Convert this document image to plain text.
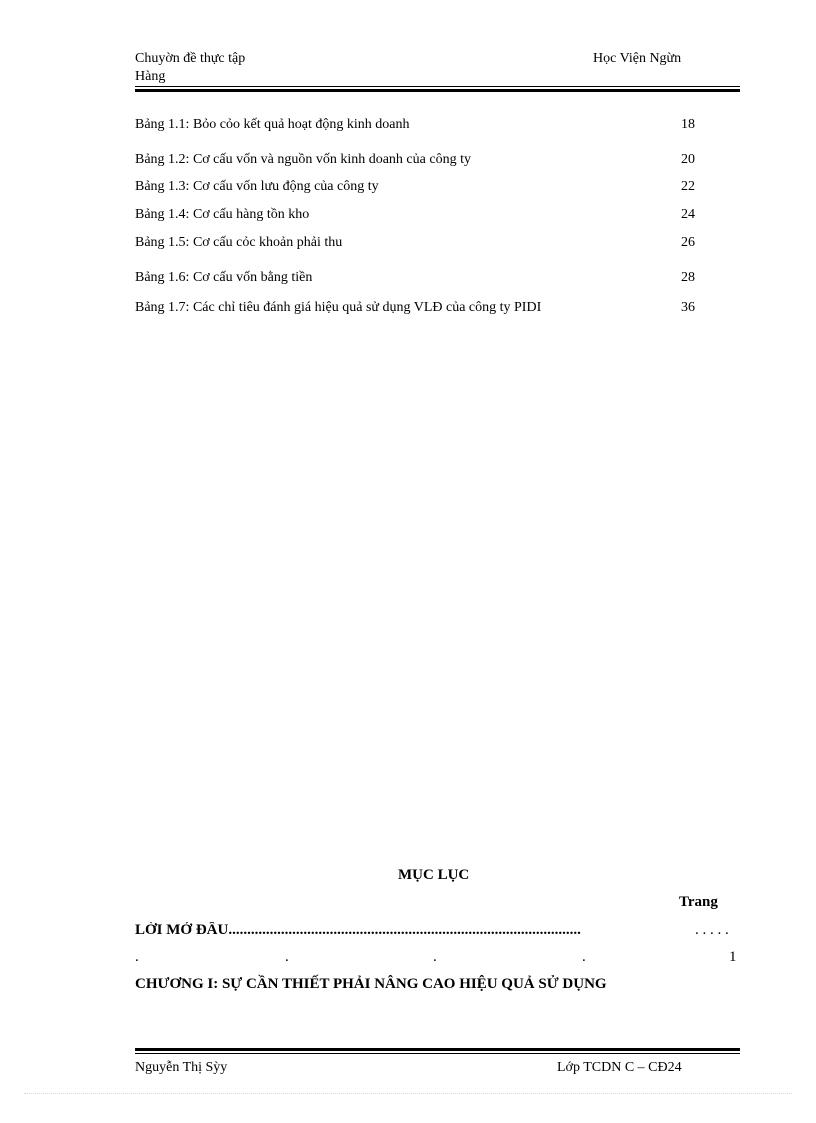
Chuyờn đề thực tập
Hàng
Học Viện Ngừn
Bảng 1.1: Bỏo cỏo kết quả hoạt động kinh doanh	18
Bảng 1.2: Cơ cấu vốn và nguồn vốn kinh doanh của công ty	20
Bảng 1.3: Cơ cấu vốn lưu động của công ty	22
Bảng 1.4: Cơ cấu hàng tồn kho	24
Bảng 1.5: Cơ cấu cỏc khoản phải thu	26
Bảng 1.6: Cơ cấu vốn bằng tiền	28
Bảng 1.7: Các chỉ tiêu đánh giá hiệu quả sử dụng VLĐ của công ty PIDI	36
MỤC LỤC
Trang
LỜI MỞ ĐẦU..............................................................................................	. . . . .
.	.	.	.	1
CHƯƠNG I: SỰ CẦN THIẾT PHẢI NÂNG CAO HIỆU QUẢ SỬ DỤNG
Nguyễn Thị Sỳy	Lớp TCDN C – CĐ24
